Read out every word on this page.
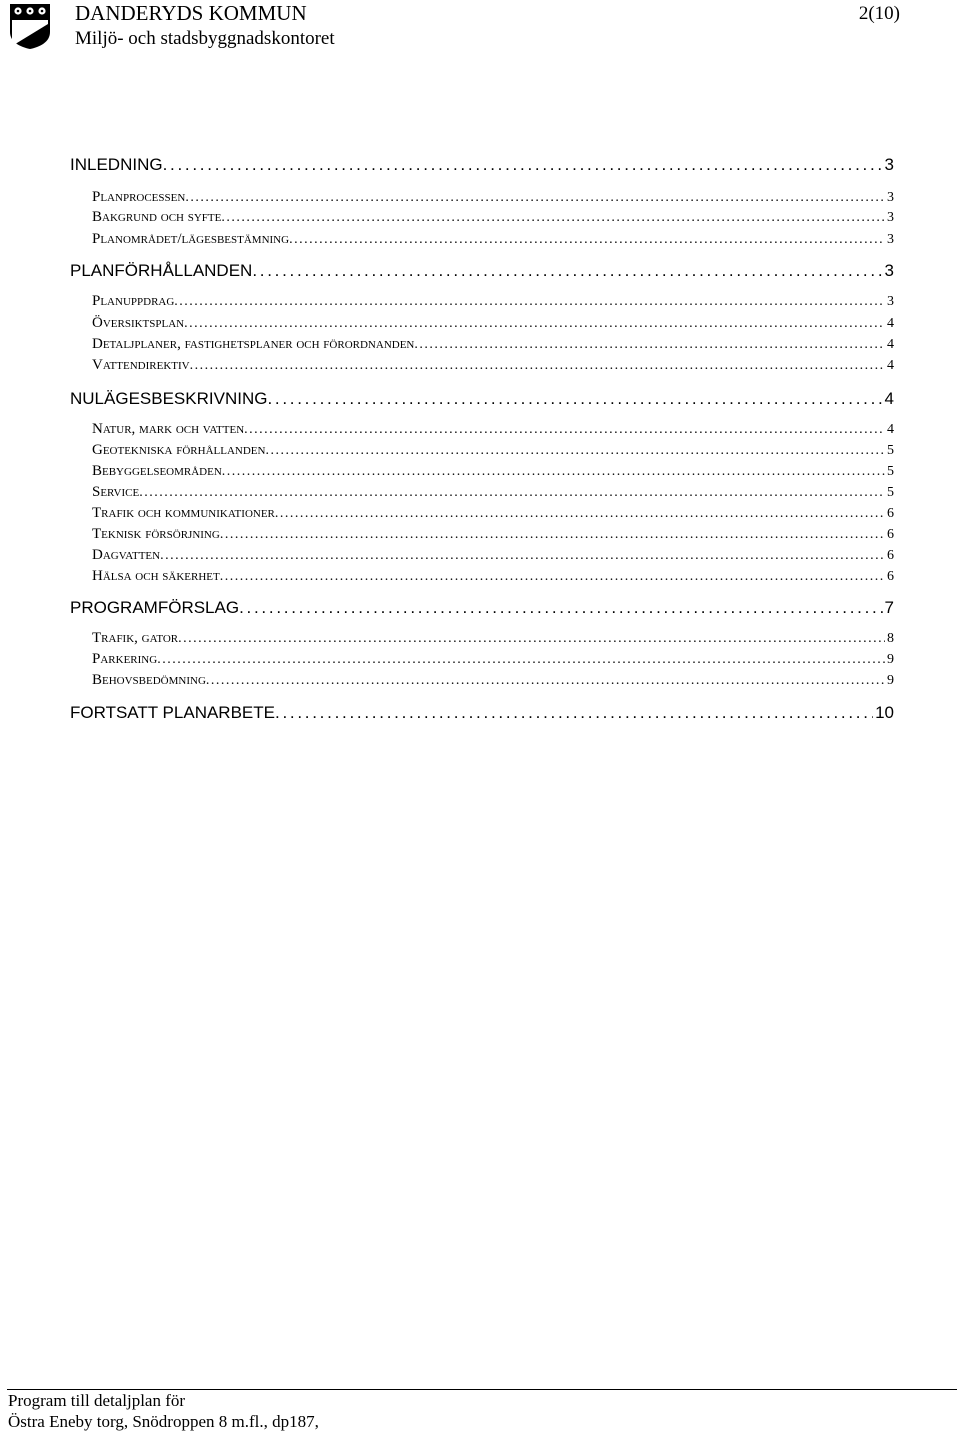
DANDERYDS KOMMUN
Miljö- och stadsbyggnadskontoret
2(10)
INLEDNING . . .	3
Planprocessen . . .	3
Bakgrund och syfte . . .	3
Planområdet/lägesbestämning . . .	3
PLANFÖRHÅLLANDEN . . .	3
Planuppdrag . . .	3
Översiktsplan . . .	4
Detaljplaner, fastighetsplaner och förordnanden . . .	4
Vattendirektiv . . .	4
NULÄGESBESKRIVNING . . .	4
Natur, mark och vatten . . .	4
Geotekniska förhållanden . . .	5
Bebyggelseområden . . .	5
Service . . .	5
Trafik och kommunikationer . . .	6
Teknisk försörjning . . .	6
Dagvatten . . .	6
Hälsa och säkerhet . . .	6
PROGRAMFÖRSLAG . . .	7
Trafik, gator . . .	8
Parkering . . .	9
Behovsbedömning . . .	9
FORTSATT PLANARBETE . . .	10
Program till detaljplan för
Östra Eneby torg, Snödroppen 8 m.fl., dp187,
